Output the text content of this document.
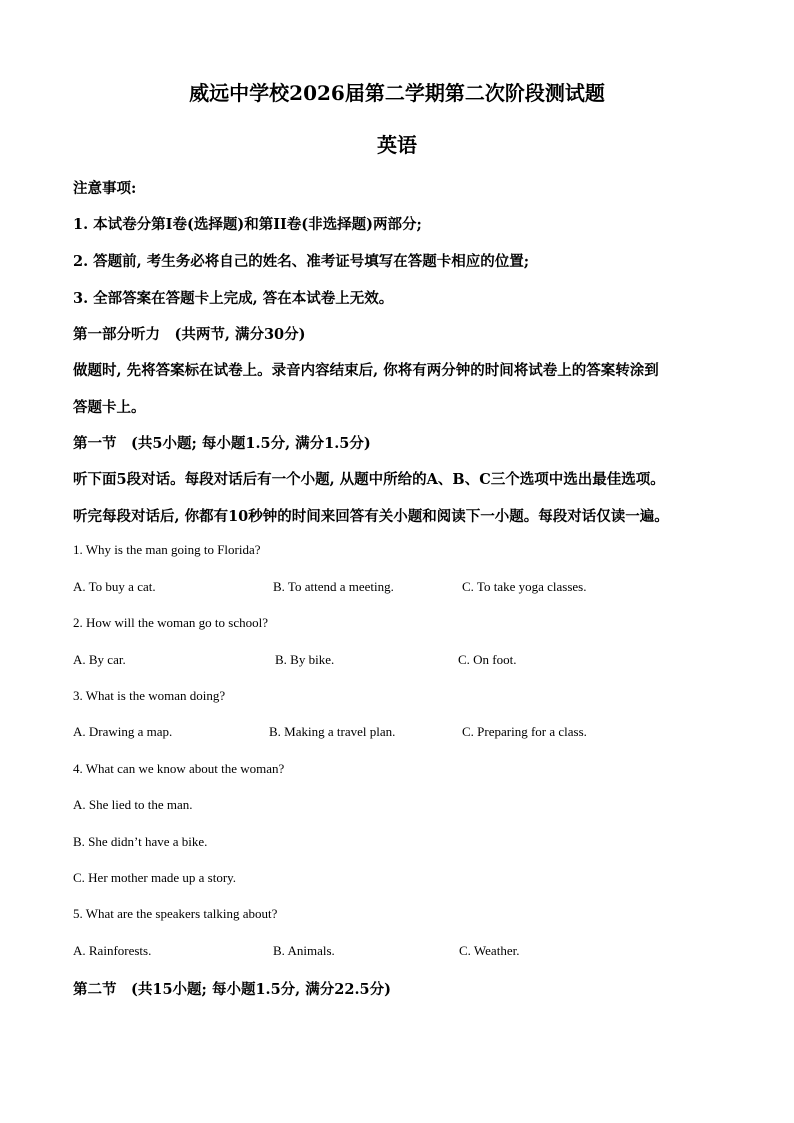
威远中学校2026届第二学期第二次阶段测试题
英语
注意事项:
1. 本试卷分第I卷(选择题)和第II卷(非选择题)两部分;
2. 答题前, 考生务必将自己的姓名、准考证号填写在答题卡相应的位置;
3. 全部答案在答题卡上完成, 答在本试卷上无效。
第一部分听力　(共两节, 满分30分)
做题时, 先将答案标在试卷上。录音内容结束后, 你将有两分钟的时间将试卷上的答案转涂到
答题卡上。
第一节　(共5小题; 每小题1.5分, 满分1.5分)
听下面5段对话。每段对话后有一个小题, 从题中所给的A、B、C三个选项中选出最佳选项。
听完每段对话后, 你都有10秒钟的时间来回答有关小题和阅读下一小题。每段对话仅读一遍。
1. Why is the man going to Florida?
A. To buy a cat.	B. To attend a meeting.	C. To take yoga classes.
2. How will the woman go to school?
A. By car.	B. By bike.	C. On foot.
3. What is the woman doing?
A. Drawing a map.	B. Making a travel plan.	C. Preparing for a class.
4. What can we know about the woman?
A. She lied to the man.
B. She didn’t have a bike.
C. Her mother made up a story.
5. What are the speakers talking about?
A. Rainforests.	B. Animals.	C. Weather.
第二节　(共15小题; 每小题1.5分, 满分22.5分)
